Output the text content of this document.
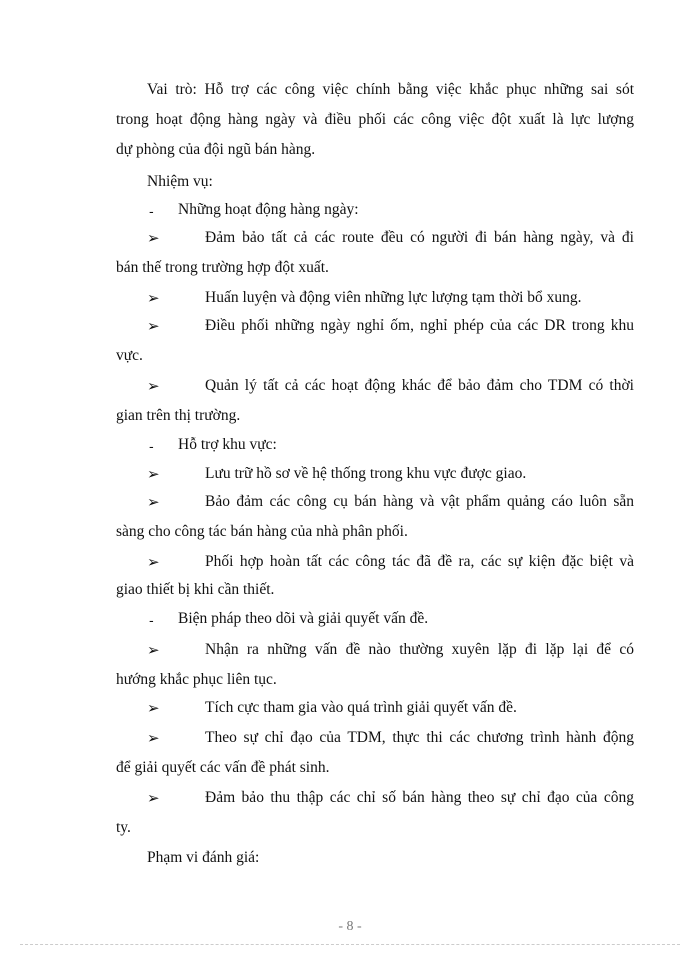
Vai trò: Hỗ trợ các công việc chính bằng việc khắc phục những sai sót
trong hoạt động hàng ngày và điều phối các công việc đột xuất là lực lượng
dự phòng của đội ngũ bán hàng.
Nhiệm vụ:
- Những hoạt động hàng ngày:
➢	Đảm bảo tất cả các route đều có người đi bán hàng ngày, và đi
bán thế trong trường hợp đột xuất.
➢	Huấn luyện và động viên những lực lượng tạm thời bổ xung.
➢	Điều phối những ngày nghỉ ốm, nghỉ phép của các DR trong khu
vực.
➢	Quản lý tất cả các hoạt động khác để bảo đảm cho TDM có thời
gian trên thị trường.
- Hỗ trợ khu vực:
➢	Lưu trữ hồ sơ về hệ thống trong khu vực được giao.
➢	Bảo đảm các công cụ bán hàng và vật phẩm quảng cáo luôn sẵn
sàng cho công tác bán hàng của nhà phân phối.
➢	Phối hợp hoàn tất các công tác đã đề ra, các sự kiện đặc biệt và
giao thiết bị khi cần thiết.
- Biện pháp theo dõi và giải quyết vấn đề.
➢	Nhận ra những vấn đề nào thường xuyên lặp đi lặp lại để có
hướng khắc phục liên tục.
➢	Tích cực tham gia vào quá trình giải quyết vấn đề.
➢	Theo sự chỉ đạo của TDM, thực thi các chương trình hành động
để giải quyết các vấn đề phát sinh.
➢	Đảm bảo thu thập các chỉ số bán hàng theo sự chỉ đạo của công
ty.
Phạm vi đánh giá:
- 8 -
